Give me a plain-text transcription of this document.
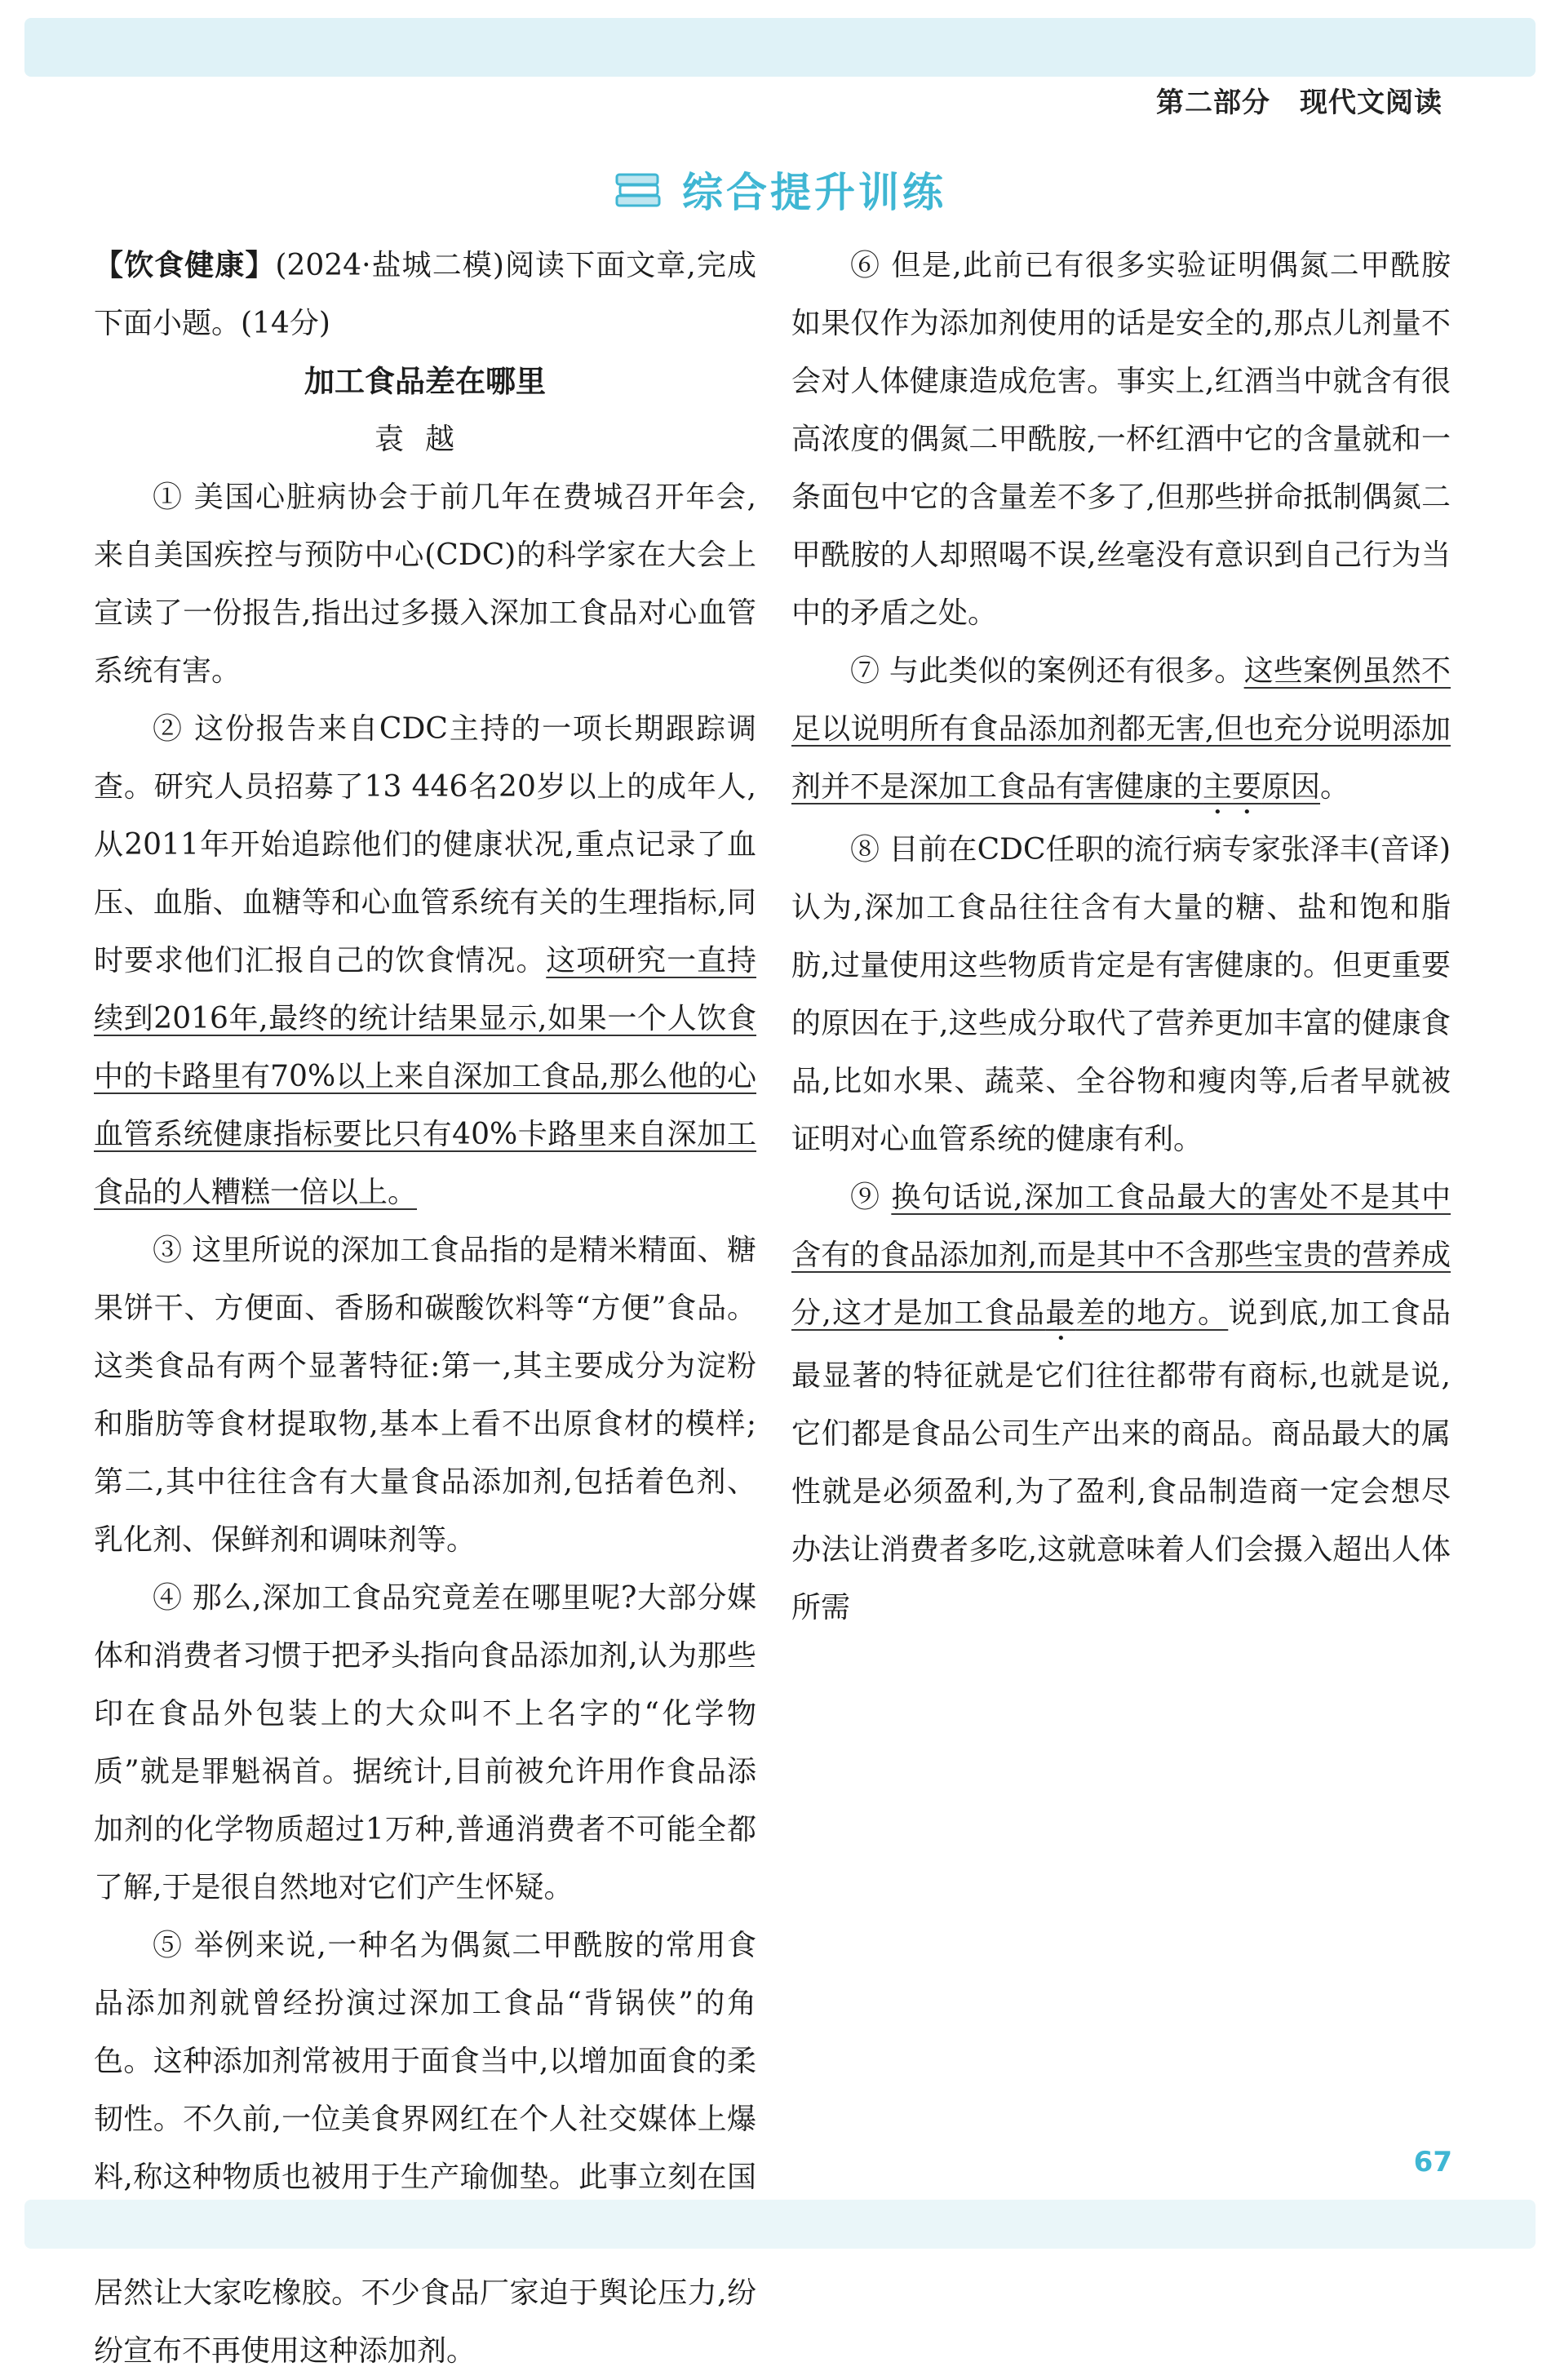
第二部分 现代文阅读
综合提升训练

【饮食健康】(2024·盐城二模)阅读下面文章,完成下面小题。(14分)

加工食品差在哪里

袁越

① 美国心脏病协会于前几年在费城召开年会,来自美国疾控与预防中心(CDC)的科学家在大会上宣读了一份报告,指出过多摄入深加工食品对心血管系统有害。

② 这份报告来自CDC主持的一项长期跟踪调查。研究人员招募了13 446名20岁以上的成年人,从2011年开始追踪他们的健康状况,重点记录了血压、血脂、血糖等和心血管系统有关的生理指标,同时要求他们汇报自己的饮食情况。这项研究一直持续到2016年,最终的统计结果显示,如果一个人饮食中的卡路里有70%以上来自深加工食品,那么他的心血管系统健康指标要比只有40%卡路里来自深加工食品的人糟糕一倍以上。

③ 这里所说的深加工食品指的是精米精面、糖果饼干、方便面、香肠和碳酸饮料等“方便”食品。这类食品有两个显著特征:第一,其主要成分为淀粉和脂肪等食材提取物,基本上看不出原食材的模样;第二,其中往往含有大量食品添加剂,包括着色剂、乳化剂、保鲜剂和调味剂等。

④ 那么,深加工食品究竟差在哪里呢?大部分媒体和消费者习惯于把矛头指向食品添加剂,认为那些印在食品外包装上的大众叫不上名字的“化学物质”就是罪魁祸首。据统计,目前被允许用作食品添加剂的化学物质超过1万种,普通消费者不可能全都了解,于是很自然地对它们产生怀疑。

⑤ 举例来说,一种名为偶氮二甲酰胺的常用食品添加剂就曾经扮演过深加工食品“背锅侠”的角色。这种添加剂常被用于面食当中,以增加面食的柔韧性。不久前,一位美食界网红在个人社交媒体上爆料,称这种物质也被用于生产瑜伽垫。此事立刻在国 居然让大家吃橡胶。不少食品厂家迫于舆论压力,纷纷宣布不再使用这种添加剂。

⑥ 但是,此前已有很多实验证明偶氮二甲酰胺如果仅作为添加剂使用的话是安全的,那点儿剂量不会对人体健康造成危害。事实上,红酒当中就含有很高浓度的偶氮二甲酰胺,一杯红酒中它的含量就和一条面包中它的含量差不多了,但那些拼命抵制偶氮二甲酰胺的人却照喝不误,丝毫没有意识到自己行为当中的矛盾之处。

⑦ 与此类似的案例还有很多。这些案例虽然不足以说明所有食品添加剂都无害,但也充分说明添加剂并不是深加工食品有害健康的主要原因。

⑧ 目前在CDC任职的流行病专家张泽丰(音译)认为,深加工食品往往含有大量的糖、盐和饱和脂肪,过量使用这些物质肯定是有害健康的。但更重要的原因在于,这些成分取代了营养更加丰富的健康食品,比如水果、蔬菜、全谷物和瘦肉等,后者早就被证明对心血管系统的健康有利。

⑨ 换句话说,深加工食品最大的害处不是其中含有的食品添加剂,而是其中不含那些宝贵的营养成分,这才是加工食品最差的地方。说到底,加工食品最显著的特征就是它们往往都带有商标,也就是说,它们都是食品公司生产出来的商品。商品最大的属性就是必须盈利,为了盈利,食品制造商一定会想尽办法让消费者多吃,这就意味着人们会摄入超出人体所需

67
